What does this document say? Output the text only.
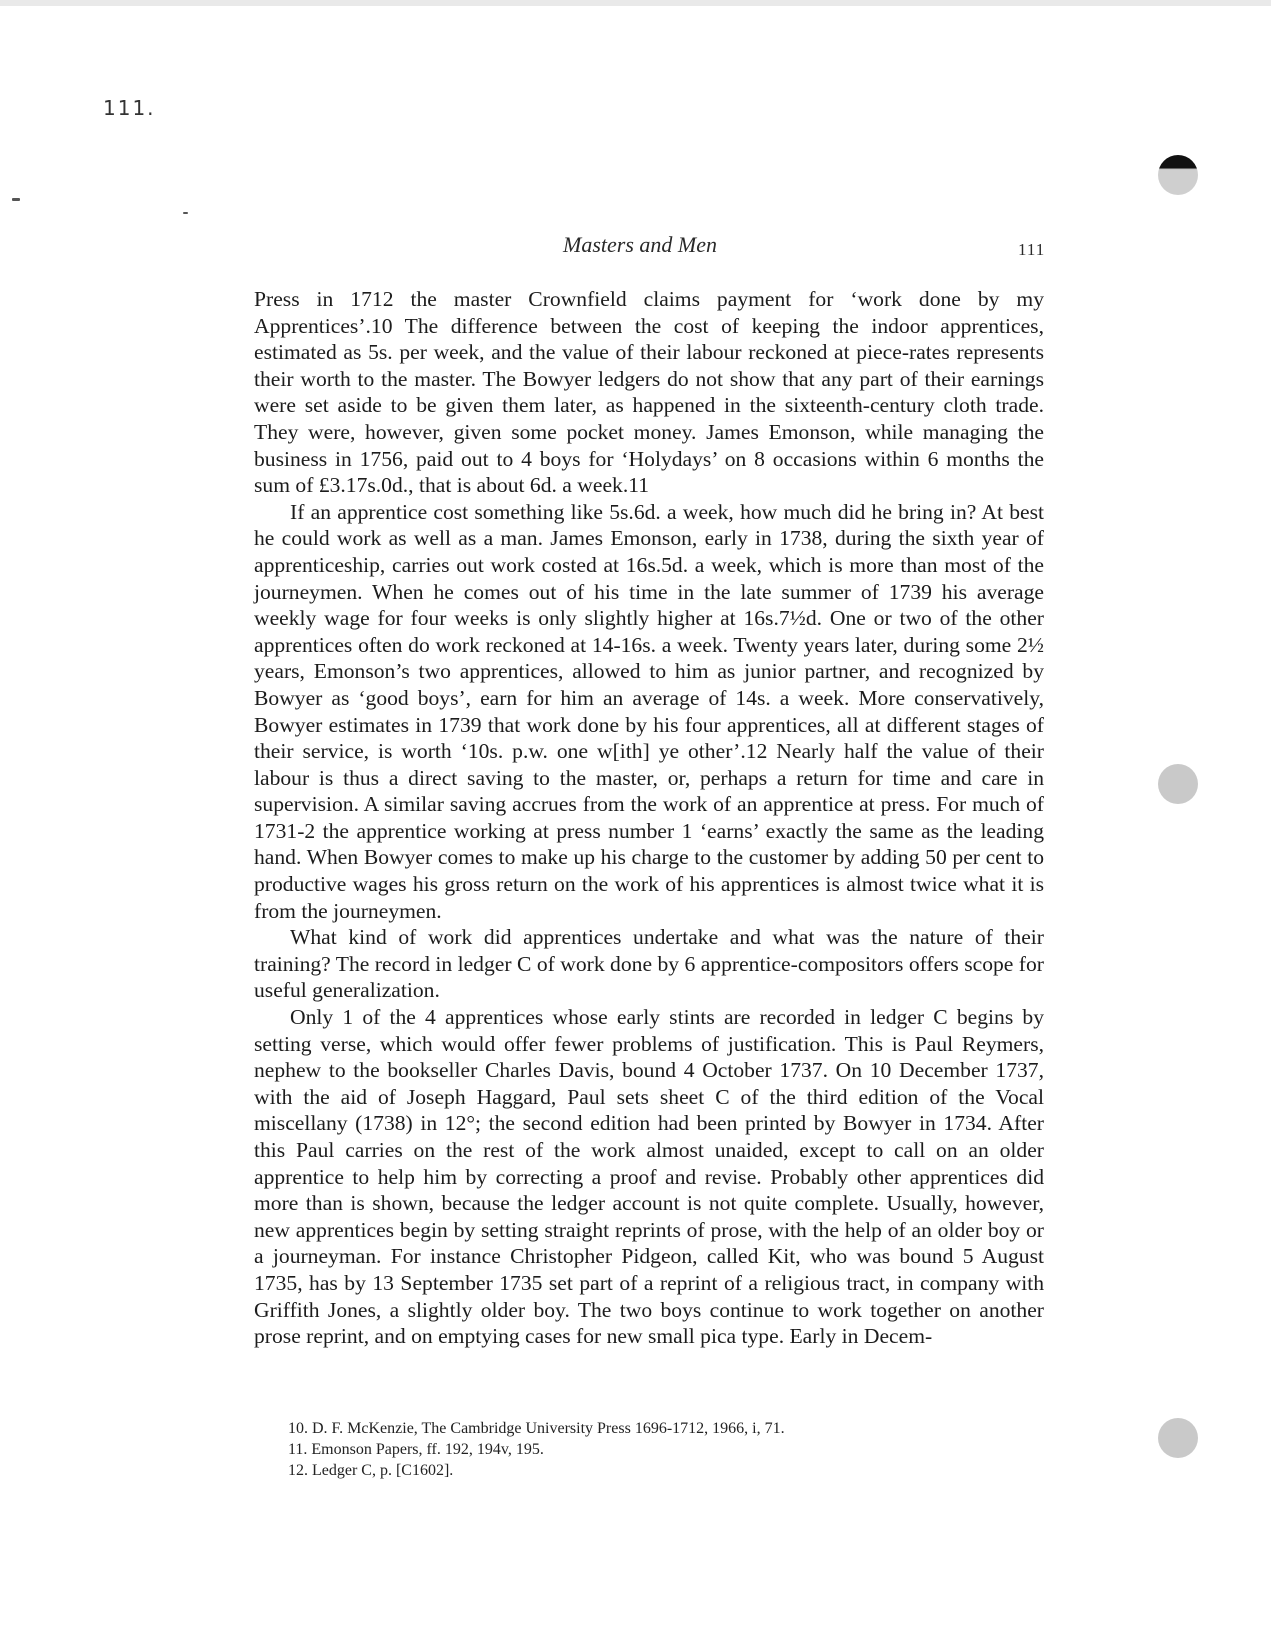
111.
Masters and Men	111

Press in 1712 the master Crownfield claims payment for ‘work done by my Apprentices’.10 The difference between the cost of keeping the indoor apprentices, estimated as 5s. per week, and the value of their labour reckoned at piece-rates represents their worth to the master. The Bowyer ledgers do not show that any part of their earnings were set aside to be given them later, as happened in the sixteenth-century cloth trade. They were, however, given some pocket money. James Emonson, while managing the business in 1756, paid out to 4 boys for ‘Holydays’ on 8 occasions within 6 months the sum of £3.17s.0d., that is about 6d. a week.11

If an apprentice cost something like 5s.6d. a week, how much did he bring in? At best he could work as well as a man. James Emonson, early in 1738, during the sixth year of apprenticeship, carries out work costed at 16s.5d. a week, which is more than most of the journeymen. When he comes out of his time in the late summer of 1739 his average weekly wage for four weeks is only slightly higher at 16s.7½d. One or two of the other apprentices often do work reckoned at 14-16s. a week. Twenty years later, during some 2½ years, Emonson’s two apprentices, allowed to him as junior partner, and recognized by Bowyer as ‘good boys’, earn for him an average of 14s. a week. More conservatively, Bowyer estimates in 1739 that work done by his four apprentices, all at different stages of their service, is worth ‘10s. p.w. one w[ith] ye other’.12 Nearly half the value of their labour is thus a direct saving to the master, or, perhaps a return for time and care in supervision. A similar saving accrues from the work of an apprentice at press. For much of 1731-2 the apprentice working at press number 1 ‘earns’ exactly the same as the leading hand. When Bowyer comes to make up his charge to the customer by adding 50 per cent to productive wages his gross return on the work of his apprentices is almost twice what it is from the journeymen.

What kind of work did apprentices undertake and what was the nature of their training? The record in ledger C of work done by 6 apprentice-compositors offers scope for useful generalization.

Only 1 of the 4 apprentices whose early stints are recorded in ledger C begins by setting verse, which would offer fewer problems of justification. This is Paul Reymers, nephew to the bookseller Charles Davis, bound 4 October 1737. On 10 December 1737, with the aid of Joseph Haggard, Paul sets sheet C of the third edition of the Vocal miscellany (1738) in 12°; the second edition had been printed by Bowyer in 1734. After this Paul carries on the rest of the work almost unaided, except to call on an older apprentice to help him by correcting a proof and revise. Probably other apprentices did more than is shown, because the ledger account is not quite complete. Usually, however, new apprentices begin by setting straight reprints of prose, with the help of an older boy or a journeyman. For instance Christopher Pidgeon, called Kit, who was bound 5 August 1735, has by 13 September 1735 set part of a reprint of a religious tract, in company with Griffith Jones, a slightly older boy. The two boys continue to work together on another prose reprint, and on emptying cases for new small pica type. Early in Decem-

10. D. F. McKenzie, The Cambridge University Press 1696-1712, 1966, i, 71.
11. Emonson Papers, ff. 192, 194v, 195.
12. Ledger C, p. [C1602].
